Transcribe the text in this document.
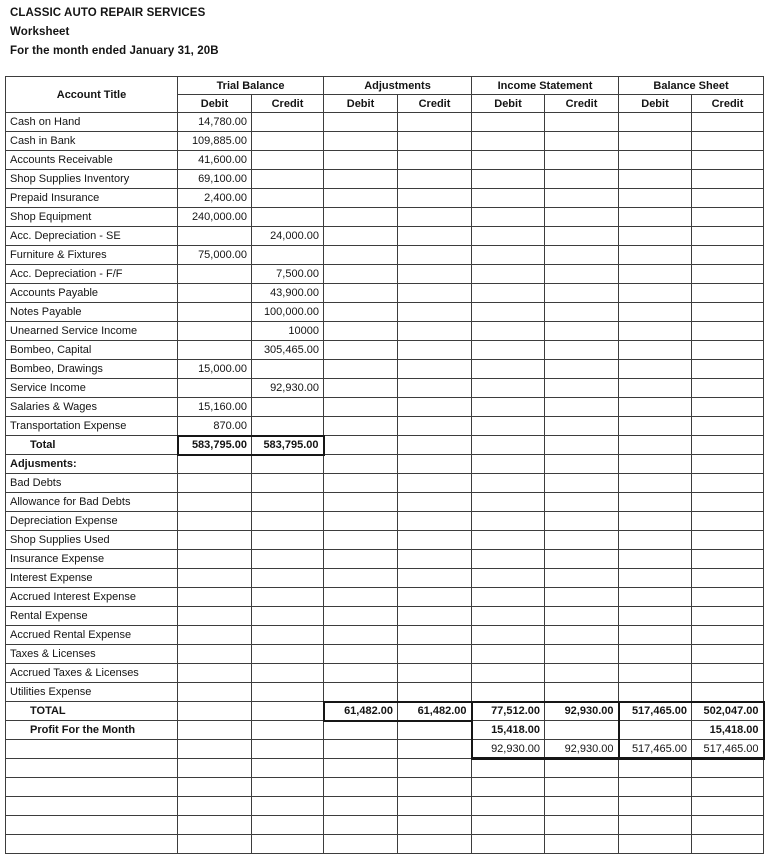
CLASSIC AUTO REPAIR SERVICES
Worksheet
For the month ended January 31, 20B
Account Title	Trial Balance		Adjustments		Income Statement		Balance Sheet	
	Debit	Credit	Debit	Credit	Debit	Credit	Debit	Credit
Cash on Hand	14,780.00							
Cash in Bank	109,885.00							
Accounts Receivable	41,600.00							
Shop Supplies Inventory	69,100.00							
Prepaid Insurance	2,400.00							
Shop Equipment	240,000.00							
Acc. Depreciation - SE		24,000.00						
Furniture & Fixtures	75,000.00							
Acc. Depreciation - F/F		7,500.00						
Accounts Payable		43,900.00						
Notes Payable		100,000.00						
Unearned Service Income		10000						
Bombeo, Capital		305,465.00						
Bombeo, Drawings	15,000.00							
Service Income		92,930.00						
Salaries & Wages	15,160.00							
Transportation Expense	870.00							
Total	583,795.00	583,795.00						
Adjusments:								
Bad Debts								
Allowance for Bad Debts								
Depreciation Expense								
Shop Supplies Used								
Insurance Expense								
Interest Expense								
Accrued Interest Expense								
Rental Expense								
Accrued Rental Expense								
Taxes & Licenses								
Accrued Taxes & Licenses								
Utilities Expense								
TOTAL			61,482.00	61,482.00	77,512.00	92,930.00	517,465.00	502,047.00
Profit For the Month					15,418.00			15,418.00
					92,930.00	92,930.00	517,465.00	517,465.00
